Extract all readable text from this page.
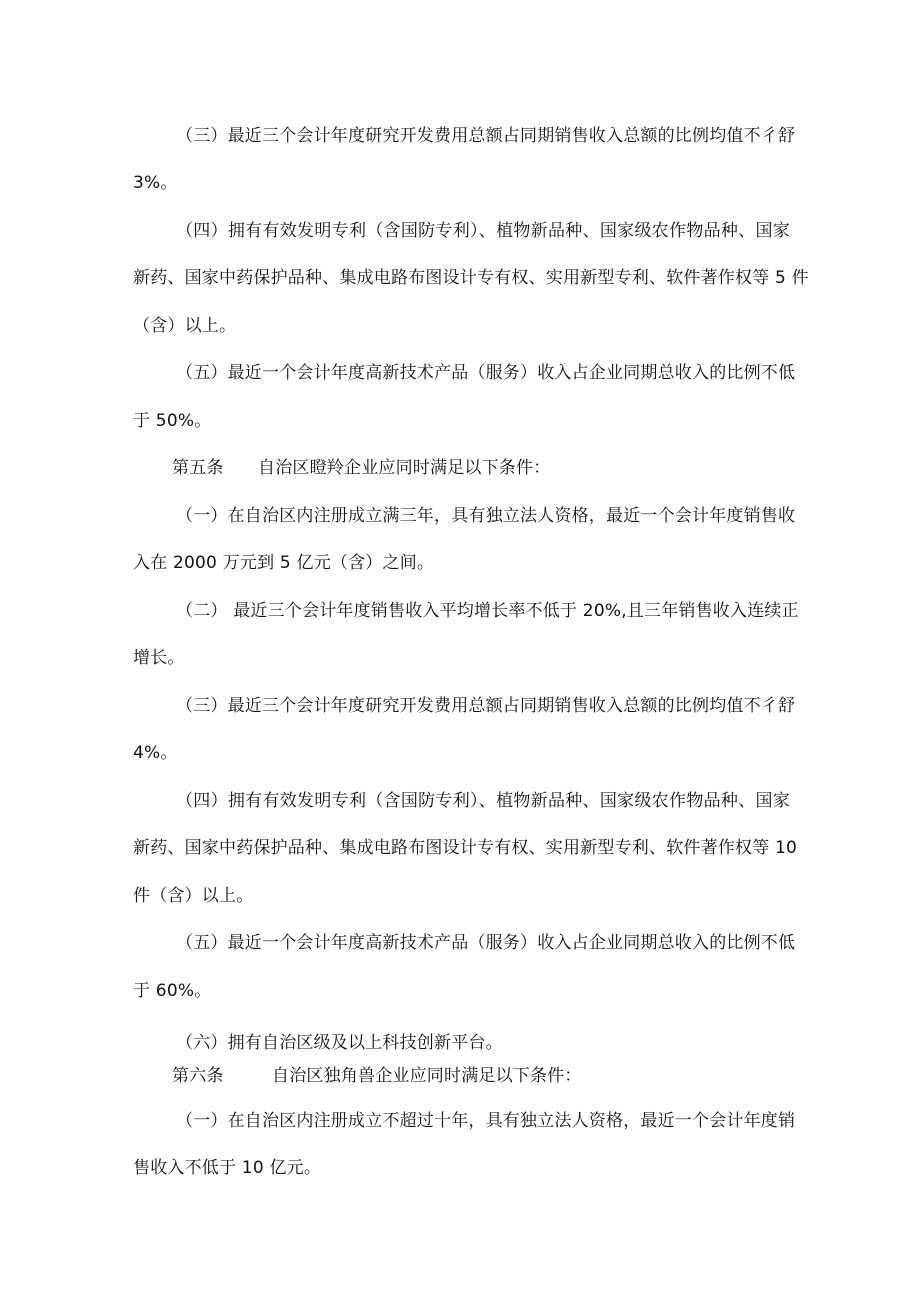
（三）最近三个会计年度研究开发费用总额占同期销售收入总额的比例均值不彳舒
3%。
（四）拥有有效发明专利（含国防专利）、植物新品种、国家级农作物品种、国家
新药、国家中药保护品种、集成电路布图设计专有权、实用新型专利、软件著作权等 5 件
（含）以上。
（五）最近一个会计年度高新技术产品（服务）收入占企业同期总收入的比例不低
于 50%。
第五条 自治区瞪羚企业应同时满足以下条件：
（一）在自治区内注册成立满三年，具有独立法人资格，最近一个会计年度销售收
入在 2000 万元到 5 亿元（含）之间。
（二） 最近三个会计年度销售收入平均增长率不低于 20%,且三年销售收入连续正
增长。
（三）最近三个会计年度研究开发费用总额占同期销售收入总额的比例均值不彳舒
4%。
（四）拥有有效发明专利（含国防专利）、植物新品种、国家级农作物品种、国家
新药、国家中药保护品种、集成电路布图设计专有权、实用新型专利、软件著作权等 10
件（含）以上。
（五）最近一个会计年度高新技术产品（服务）收入占企业同期总收入的比例不低
于 60%。
（六）拥有自治区级及以上科技创新平台。
第六条	自治区独角兽企业应同时满足以下条件：
（一）在自治区内注册成立不超过十年，具有独立法人资格，最近一个会计年度销
售收入不低于 10 亿元。
